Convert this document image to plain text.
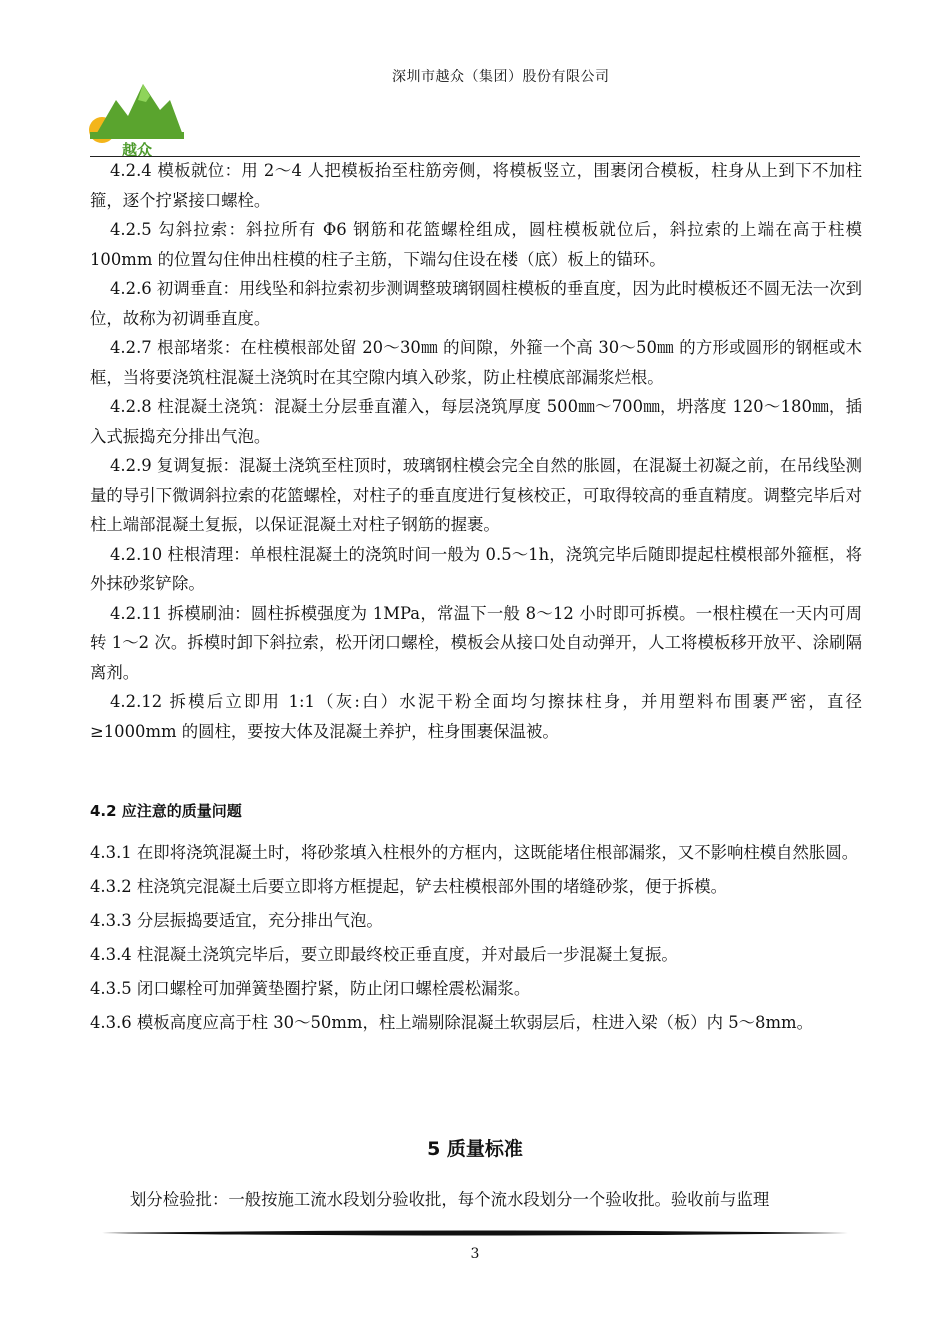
深圳市越众（集团）股份有限公司
越众

4.2.4 模板就位：用 2～4 人把模板抬至柱筋旁侧，将模板竖立，围裹闭合模板，柱身从上到下不加柱箍，逐个拧紧接口螺栓。

4.2.5 勾斜拉索：斜拉所有 Φ6 钢筋和花篮螺栓组成，圆柱模板就位后，斜拉索的上端在高于柱模 100mm 的位置勾住伸出柱模的柱子主筋，下端勾住设在楼（底）板上的锚环。

4.2.6 初调垂直：用线坠和斜拉索初步测调整玻璃钢圆柱模板的垂直度，因为此时模板还不圆无法一次到位，故称为初调垂直度。

4.2.7 根部堵浆：在柱模根部处留 20～30㎜ 的间隙，外箍一个高 30～50㎜ 的方形或圆形的钢框或木框，当将要浇筑柱混凝土浇筑时在其空隙内填入砂浆，防止柱模底部漏浆烂根。

4.2.8 柱混凝土浇筑：混凝土分层垂直灌入，每层浇筑厚度 500㎜～700㎜，坍落度 120～180㎜，插入式振捣充分排出气泡。

4.2.9 复调复振：混凝土浇筑至柱顶时，玻璃钢柱模会完全自然的胀圆，在混凝土初凝之前，在吊线坠测量的导引下微调斜拉索的花篮螺栓，对柱子的垂直度进行复核校正，可取得较高的垂直精度。调整完毕后对柱上端部混凝土复振，以保证混凝土对柱子钢筋的握裹。

4.2.10 柱根清理：单根柱混凝土的浇筑时间一般为 0.5～1h，浇筑完毕后随即提起柱模根部外箍框，将外抹砂浆铲除。

4.2.11 拆模刷油：圆柱拆模强度为 1MPa，常温下一般 8～12 小时即可拆模。一根柱模在一天内可周转 1～2 次。拆模时卸下斜拉索，松开闭口螺栓，模板会从接口处自动弹开，人工将模板移开放平、涂刷隔离剂。

4.2.12 拆模后立即用 1:1（灰:白）水泥干粉全面均匀擦抹柱身，并用塑料布围裹严密，直径≥1000mm 的圆柱，要按大体及混凝土养护，柱身围裹保温被。

4.2 应注意的质量问题

4.3.1 在即将浇筑混凝土时，将砂浆填入柱根外的方框内，这既能堵住根部漏浆，又不影响柱模自然胀圆。

4.3.2 柱浇筑完混凝土后要立即将方框提起，铲去柱模根部外围的堵缝砂浆，便于拆模。

4.3.3 分层振捣要适宜，充分排出气泡。

4.3.4 柱混凝土浇筑完毕后，要立即最终校正垂直度，并对最后一步混凝土复振。

4.3.5 闭口螺栓可加弹簧垫圈拧紧，防止闭口螺栓震松漏浆。

4.3.6 模板高度应高于柱 30～50mm，柱上端剔除混凝土软弱层后，柱进入梁（板）内 5～8mm。

5 质量标准

划分检验批：一般按施工流水段划分验收批，每个流水段划分一个验收批。验收前与监理

3
